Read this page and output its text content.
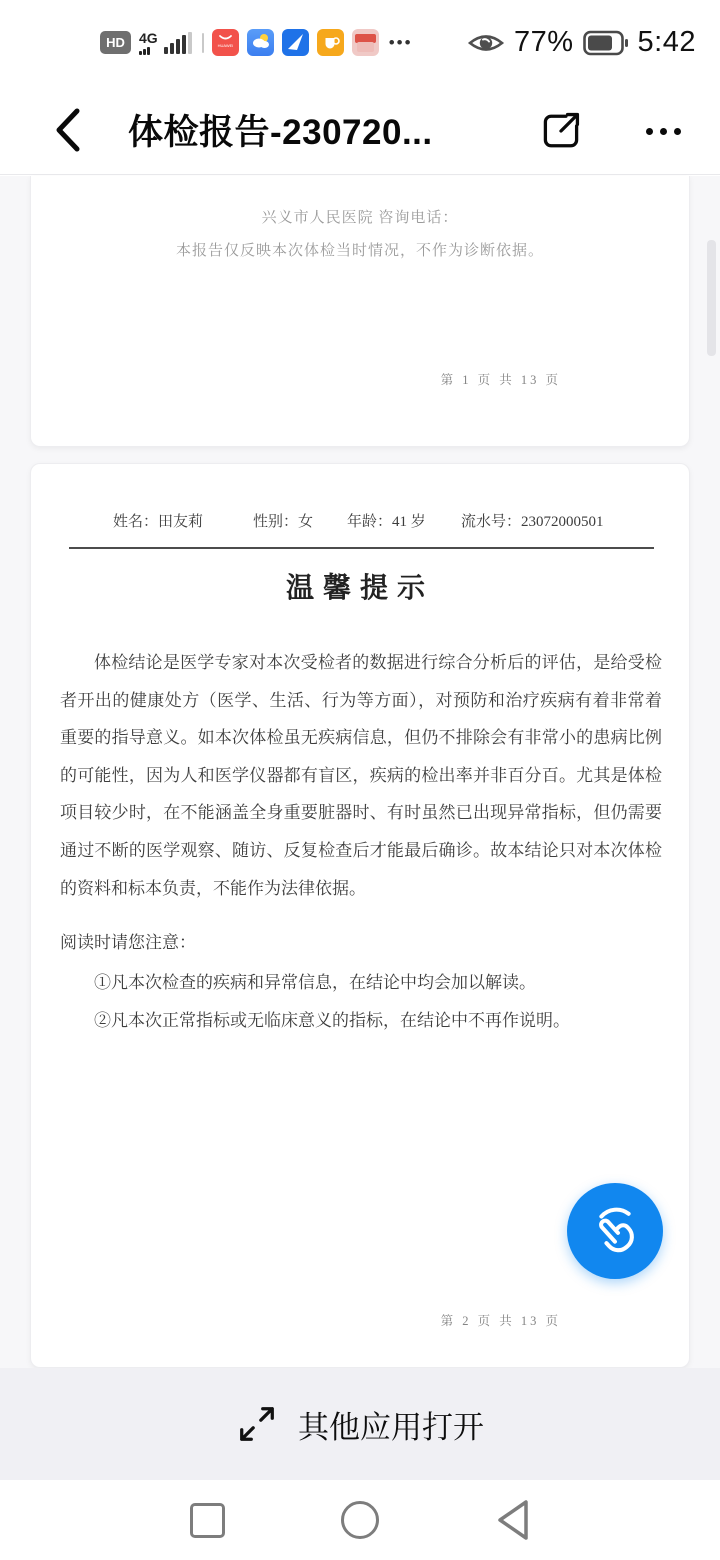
HD	4G	HUAWEI	•••	77% 5:42
体检报告-230720...
兴义市人民医院 咨询电话：
本报告仅反映本次体检当时情况，不作为诊断依据。
第 1 页 共 13 页
姓名：田友莉	性别：女 年龄：41 岁 流水号：23072000501
温馨提示
体检结论是医学专家对本次受检者的数据进行综合分析后的评估，是给受检者开出的健康处方（医学、生活、行为等方面），对预防和治疗疾病有着非常着重要的指导意义。如本次体检虽无疾病信息，但仍不排除会有非常小的患病比例的可能性，因为人和医学仪器都有盲区，疾病的检出率并非百分百。尤其是体检项目较少时，在不能涵盖全身重要脏器时、有时虽然已出现异常指标，但仍需要通过不断的医学观察、随访、反复检查后才能最后确诊。故本结论只对本次体检的资料和标本负责，不能作为法律依据。
阅读时请您注意：
①凡本次检查的疾病和异常信息，在结论中均会加以解读。
②凡本次正常指标或无临床意义的指标，在结论中不再作说明。
第 2 页 共 13 页
其他应用打开
